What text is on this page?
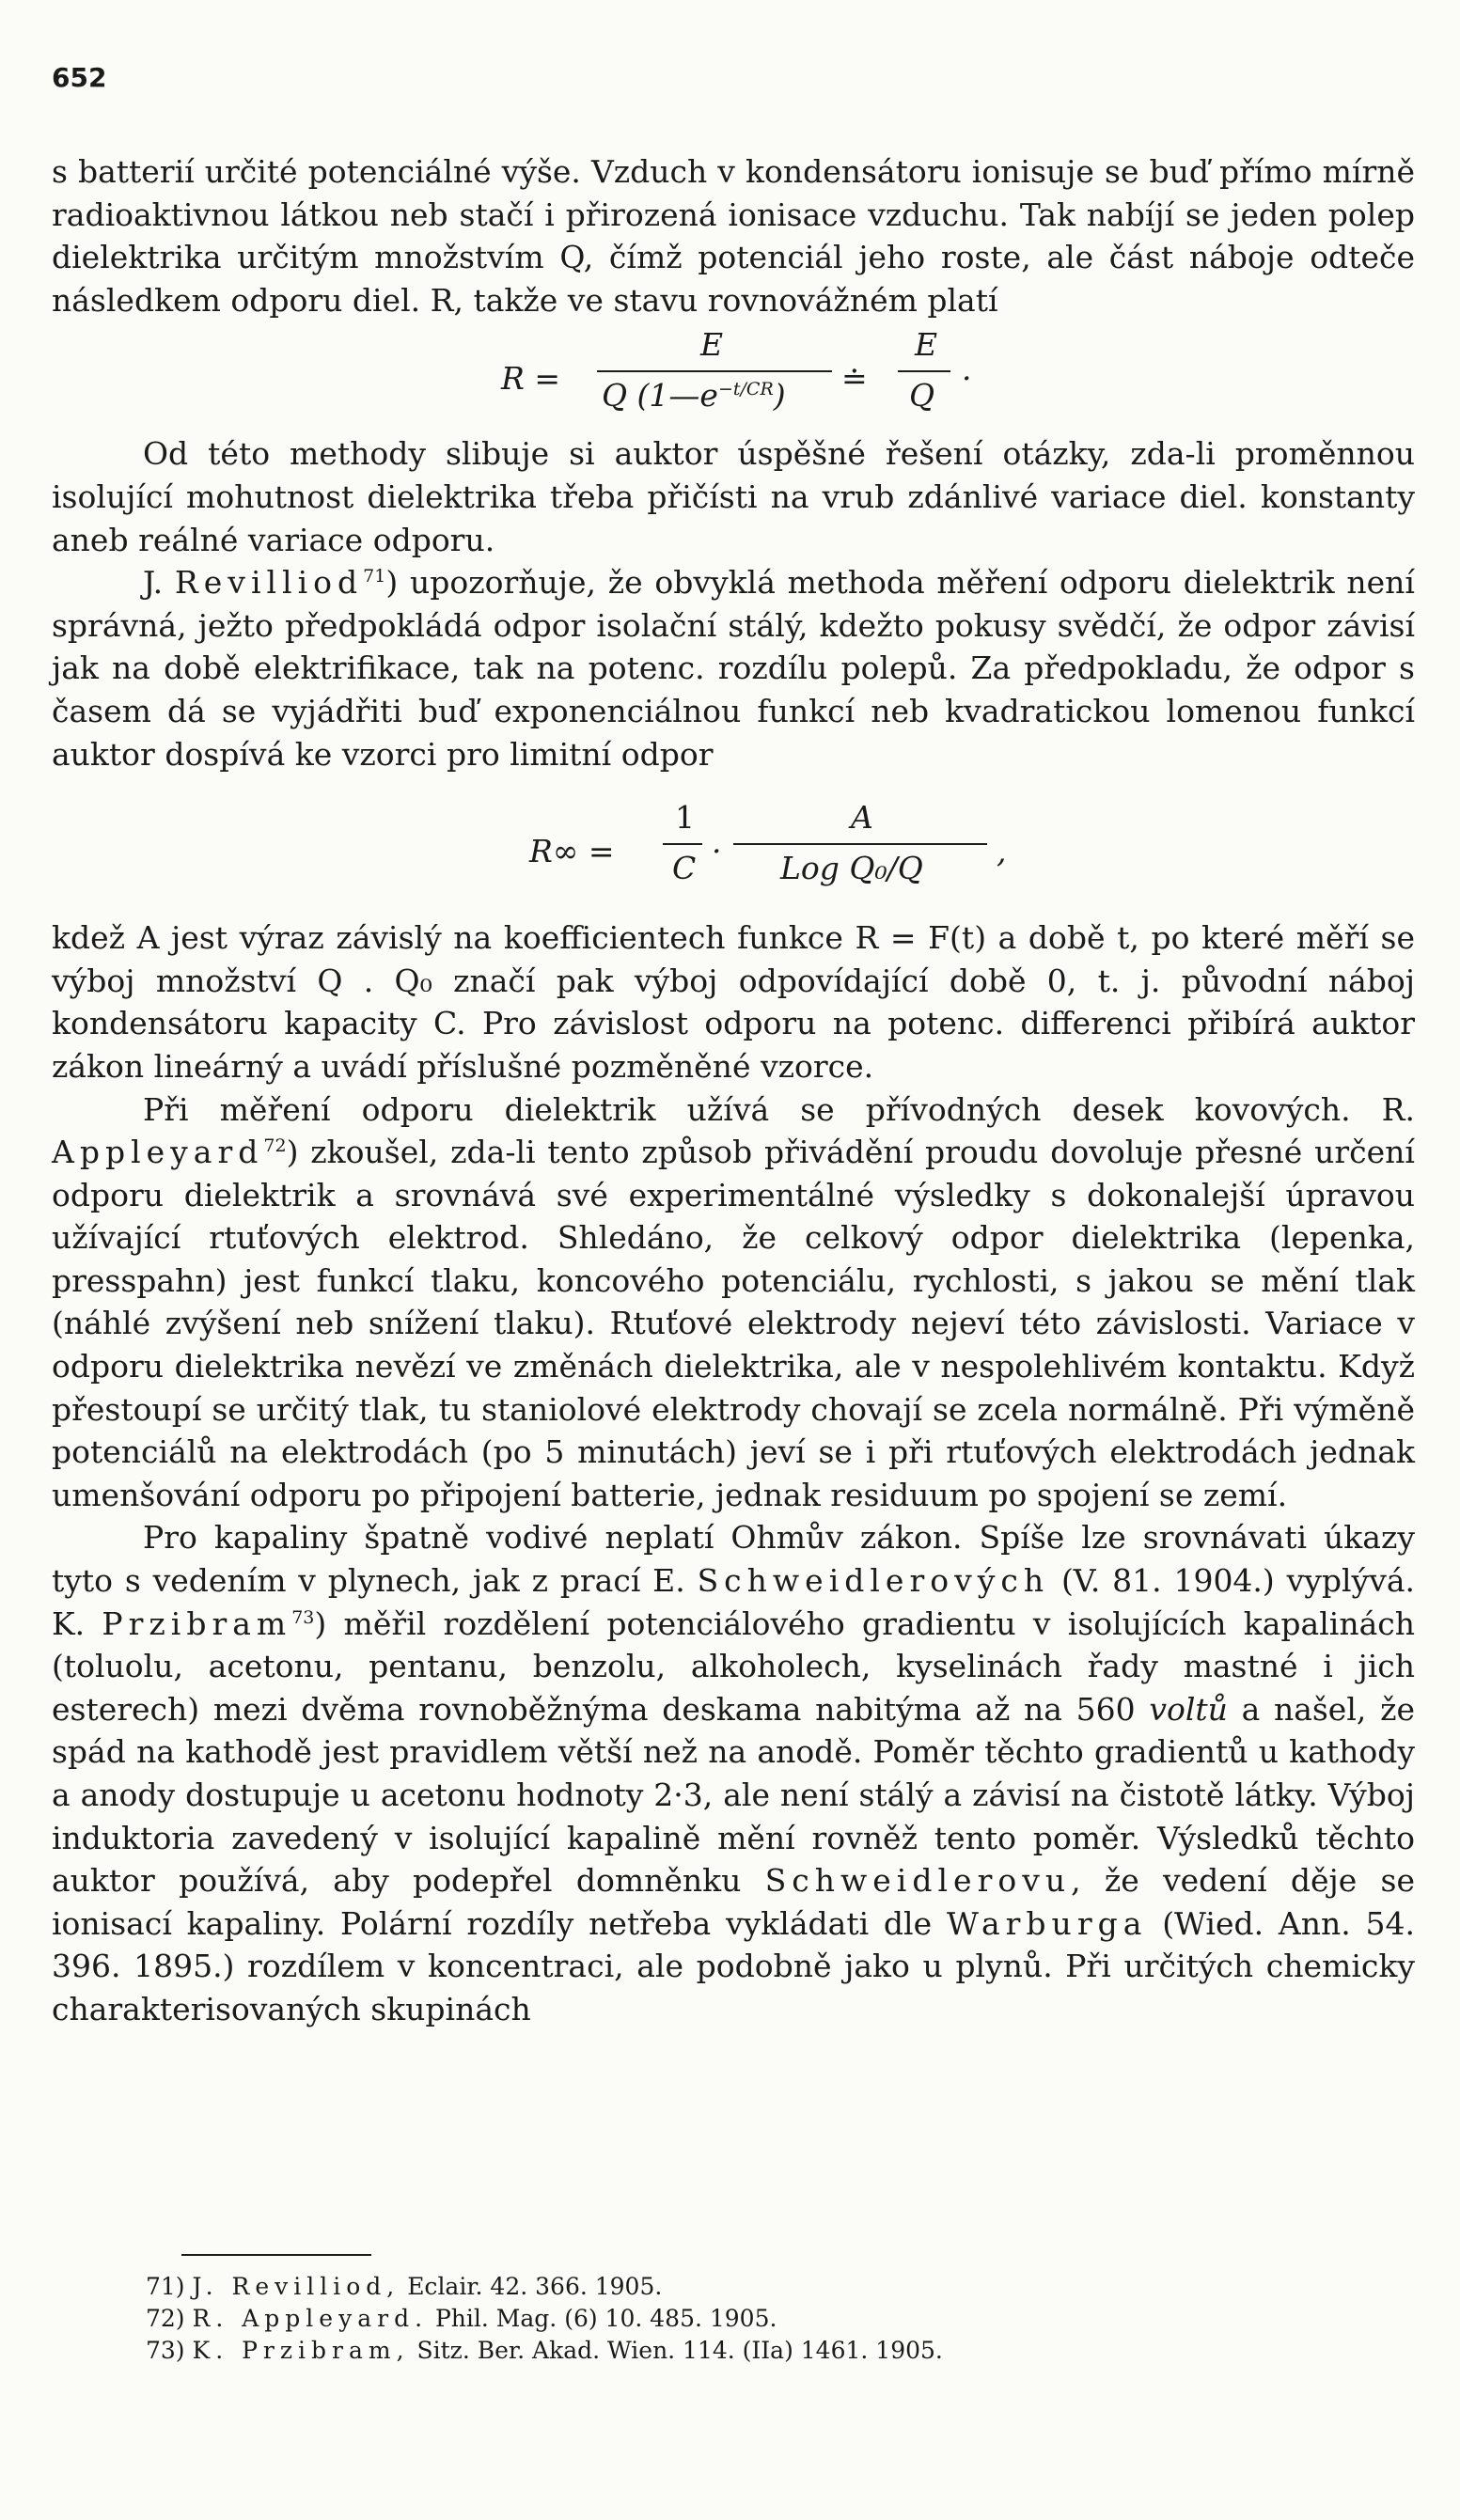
652

s batterií určité potenciálné výše. Vzduch v kondensátoru ionisuje se buď přímo mírně radioaktivnou látkou neb stačí i přirozená ionisace vzduchu. Tak nabíjí se jeden polep dielektrika určitým množstvím Q, čímž potenciál jeho roste, ale část náboje odteče následkem odporu diel. R, takže ve stavu rovnovážném platí

R =
E
Q $(1—e^{-t/CR})$ ≐
E
Q ·

Od této methody slibuje si auktor úspěšné řešení otázky, zda-li proměnnou isolující mohutnost dielektrika třeba přičísti na vrub zdánlivé variace diel. konstanty aneb reálné variace odporu.

J. Revilliod$^{71}$) upozorňuje, že obvyklá methoda měření odporu dielektrik není správná, ježto předpokládá odpor isolační stálý, kdežto pokusy svědčí, že odpor závisí jak na době elektrifikace, tak na potenc. rozdílu polepů. Za předpokladu, že odpor s časem dá se vyjádřiti buď exponenciálnou funkcí neb kvadratickou lomenou funkcí auktor dospívá ke vzorci pro limitní odpor

R∞ =
1
C ·
A
Log Q₀/Q ,

kdež A jest výraz závislý na koefficientech funkce R = F(t) a době t, po které měří se výboj množství Q . Q₀ značí pak výboj odpovídající době 0, t. j. původní náboj kondensátoru kapacity C. Pro závislost odporu na potenc. differenci přibírá auktor zákon lineárný a uvádí příslušné pozměněné vzorce.

Při měření odporu dielektrik užívá se přívodných desek kovových. R. Appleyard$^{72}$) zkoušel, zda-li tento způsob přivádění proudu dovoluje přesné určení odporu dielektrik a srovnává své experimentálné výsledky s dokonalejší úpravou užívající rtuťových elektrod. Shledáno, že celkový odpor dielektrika (lepenka, presspahn) jest funkcí tlaku, koncového potenciálu, rychlosti, s jakou se mění tlak (náhlé zvýšení neb snížení tlaku). Rtuťové elektrody nejeví této závislosti. Variace v odporu dielektrika nevězí ve změnách dielektrika, ale v nespolehlivém kontaktu. Když přestoupí se určitý tlak, tu staniolové elektrody chovají se zcela normálně. Při výměně potenciálů na elektrodách (po 5 minutách) jeví se i při rtuťových elektrodách jednak umenšování odporu po připojení batterie, jednak residuum po spojení se zemí.

Pro kapaliny špatně vodivé neplatí Ohmův zákon. Spíše lze srovnávati úkazy tyto s vedením v plynech, jak z prací E. Schweidlerových (V. 81. 1904.) vyplývá. K. Przibram$^{73}$) měřil rozdělení potenciálového gradientu v isolujících kapalinách (toluolu, acetonu, pentanu, benzolu, alkoholech, kyselinách řady mastné i jich esterech) mezi dvěma rovnoběžnýma deskama nabitýma až na 560 voltů a našel, že spád na kathodě jest pravidlem větší než na anodě. Poměr těchto gradientů u kathody a anody dostupuje u acetonu hodnoty 2·3, ale není stálý a závisí na čistotě látky. Výboj induktoria zavedený v isolující kapalině mění rovněž tento poměr. Výsledků těchto auktor používá, aby podepřel domněnku Schweidlerovu, že vedení děje se ionisací kapaliny. Polární rozdíly netřeba vykládati dle Warburga (Wied. Ann. 54. 396. 1895.) rozdílem v koncentraci, ale podobně jako u plynů. Při určitých chemicky charakterisovaných skupinách

71) J. Revilliod, Eclair. 42. 366. 1905.
72) R. Appleyard. Phil. Mag. (6) 10. 485. 1905.
73) K. Przibram, Sitz. Ber. Akad. Wien. 114. (IIa) 1461. 1905.
